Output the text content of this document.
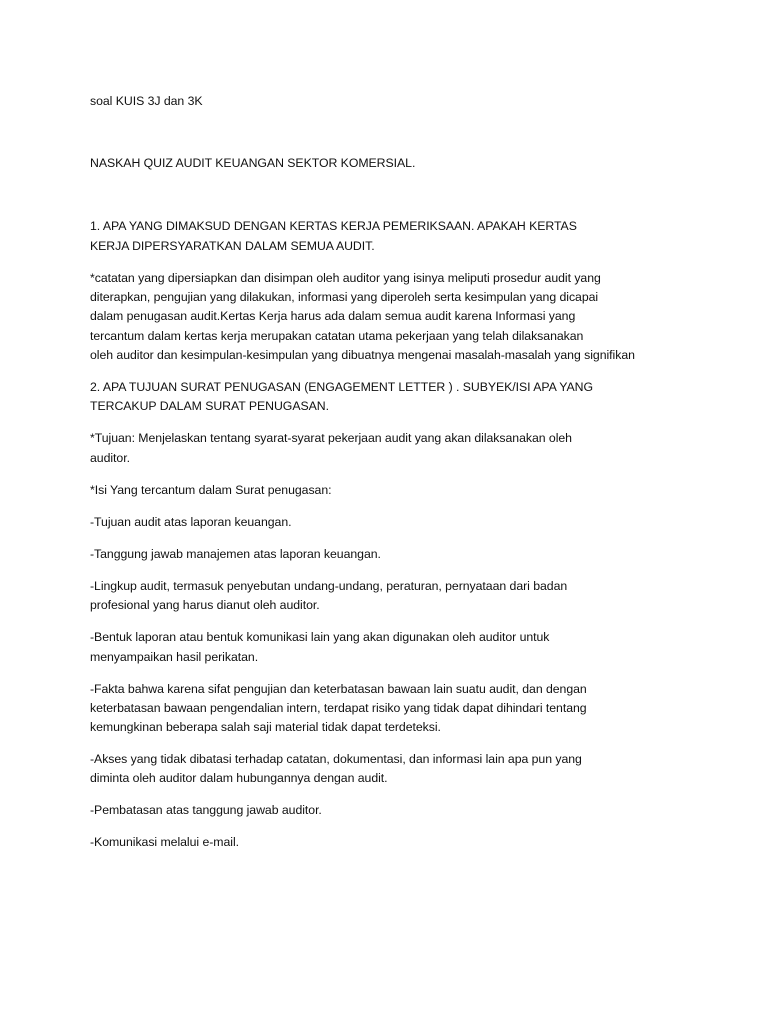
soal KUIS 3J dan 3K

NASKAH QUIZ AUDIT KEUANGAN SEKTOR KOMERSIAL.

1. APA YANG DIMAKSUD DENGAN KERTAS KERJA PEMERIKSAAN. APAKAH KERTAS

KERJA DIPERSYARATKAN DALAM SEMUA AUDIT.

*catatan yang dipersiapkan dan disimpan oleh auditor yang isinya meliputi prosedur audit yang

diterapkan, pengujian yang dilakukan, informasi yang diperoleh serta kesimpulan yang dicapai

dalam penugasan audit.Kertas Kerja harus ada dalam semua audit karena Informasi yang

tercantum dalam kertas kerja merupakan catatan utama pekerjaan yang telah dilaksanakan

oleh auditor dan kesimpulan-kesimpulan yang dibuatnya mengenai masalah-masalah yang signifikan

2. APA TUJUAN SURAT PENUGASAN (ENGAGEMENT LETTER ) . SUBYEK/ISI APA YANG

TERCAKUP DALAM SURAT PENUGASAN.

*Tujuan: Menjelaskan tentang syarat-syarat pekerjaan audit yang akan dilaksanakan oleh

auditor.

*Isi Yang tercantum dalam Surat penugasan:

-Tujuan audit atas laporan keuangan.

-Tanggung jawab manajemen atas laporan keuangan.

-Lingkup audit, termasuk penyebutan undang-undang, peraturan, pernyataan dari badan

profesional yang harus dianut oleh auditor.

-Bentuk laporan atau bentuk komunikasi lain yang akan digunakan oleh auditor untuk

menyampaikan hasil perikatan.

-Fakta bahwa karena sifat pengujian dan keterbatasan bawaan lain suatu audit, dan dengan

keterbatasan bawaan pengendalian intern, terdapat risiko yang tidak dapat dihindari tentang

kemungkinan beberapa salah saji material tidak dapat terdeteksi.

-Akses yang tidak dibatasi terhadap catatan, dokumentasi, dan informasi lain apa pun yang

diminta oleh auditor dalam hubungannya dengan audit.

-Pembatasan atas tanggung jawab auditor.

-Komunikasi melalui e-mail.
